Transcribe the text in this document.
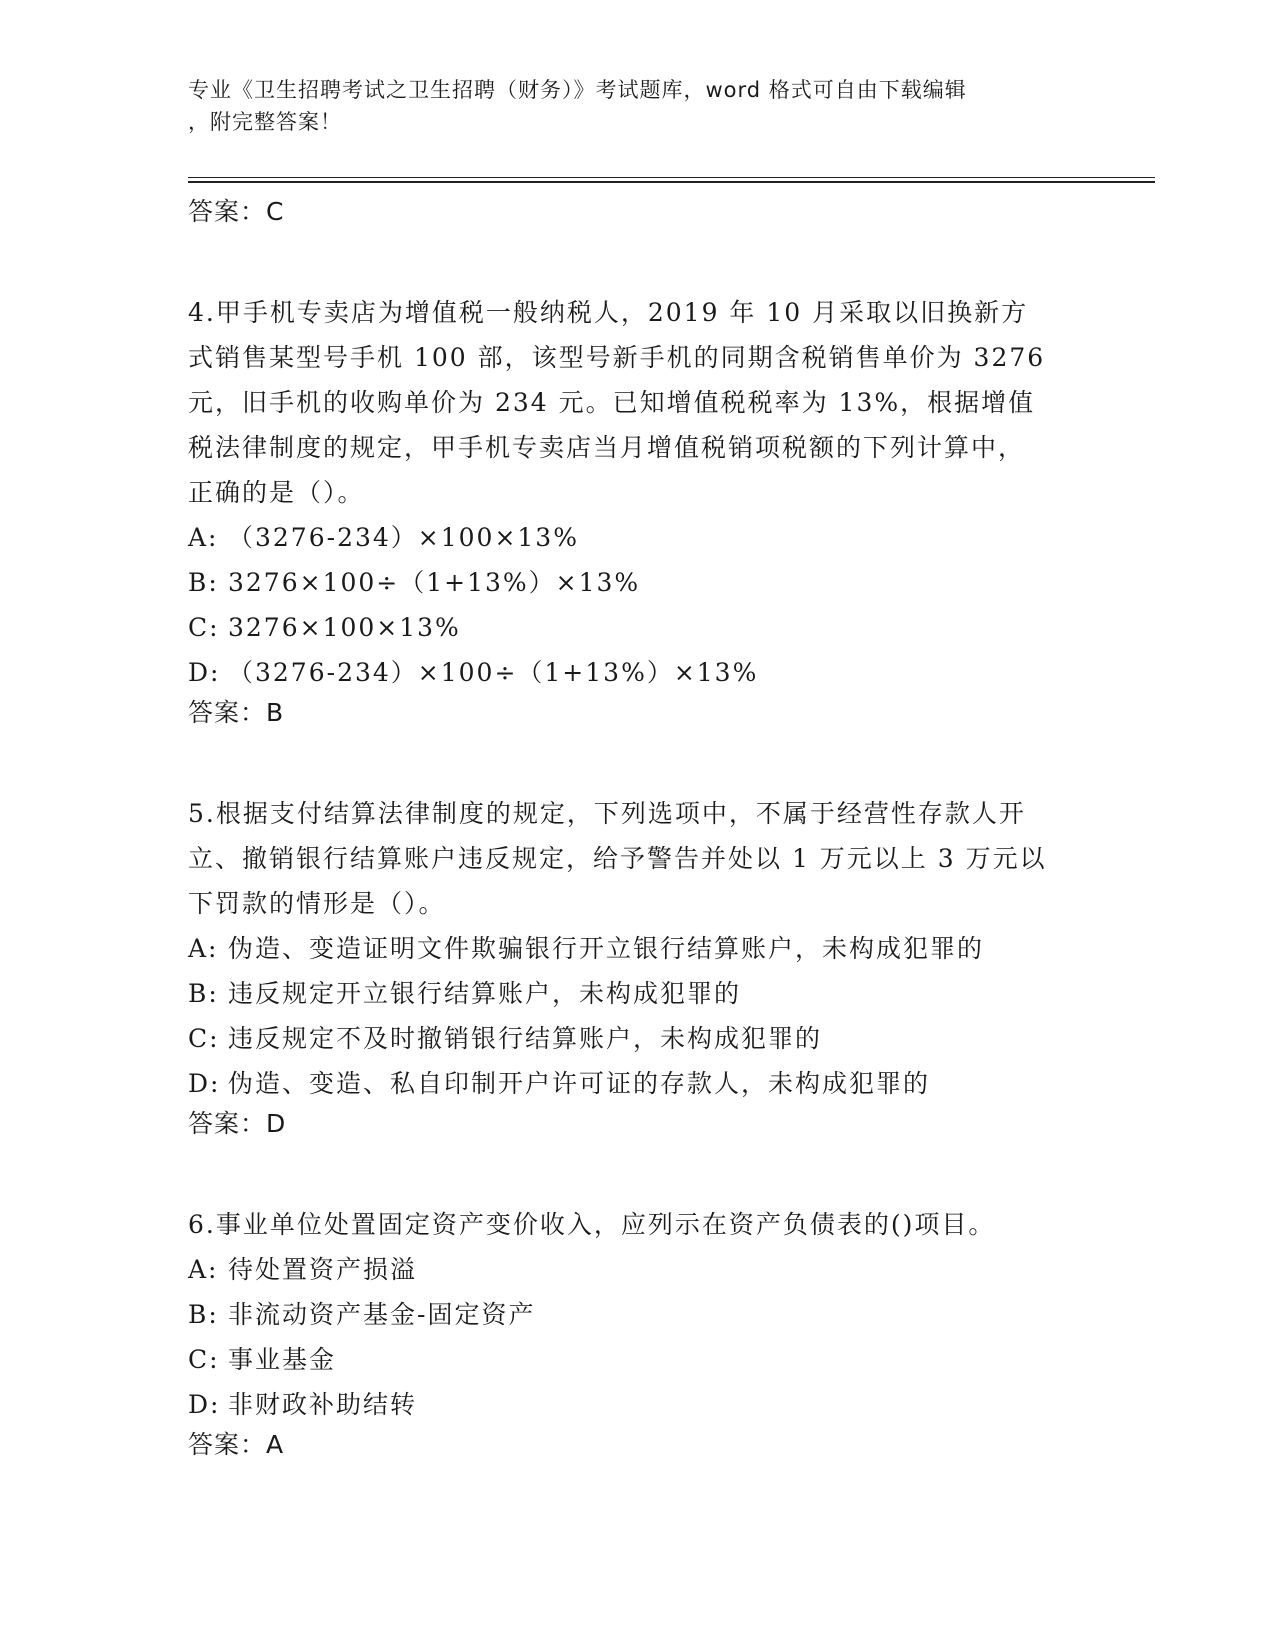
专业《卫生招聘考试之卫生招聘（财务）》考试题库，word 格式可自由下载编辑
，附完整答案！

答案：C

4.甲手机专卖店为增值税一般纳税人，2019 年 10 月采取以旧换新方式销售某型号手机 100 部，该型号新手机的同期含税销售单价为 3276 元，旧手机的收购单价为 234 元。已知增值税税率为 13%，根据增值税法律制度的规定，甲手机专卖店当月增值税销项税额的下列计算中，正确的是（）。

A: （3276-234）×100×13%

B: 3276×100÷（1+13%）×13%

C: 3276×100×13%

D: （3276-234）×100÷（1+13%）×13%

答案：B

5.根据支付结算法律制度的规定，下列选项中，不属于经营性存款人开立、撤销银行结算账户违反规定，给予警告并处以 1 万元以上 3 万元以下罚款的情形是（）。

A: 伪造、变造证明文件欺骗银行开立银行结算账户，未构成犯罪的

B: 违反规定开立银行结算账户，未构成犯罪的

C: 违反规定不及时撤销银行结算账户，未构成犯罪的

D: 伪造、变造、私自印制开户许可证的存款人，未构成犯罪的

答案：D

6.事业单位处置固定资产变价收入，应列示在资产负债表的()项目。

A: 待处置资产损溢

B: 非流动资产基金-固定资产

C: 事业基金

D: 非财政补助结转

答案：A
